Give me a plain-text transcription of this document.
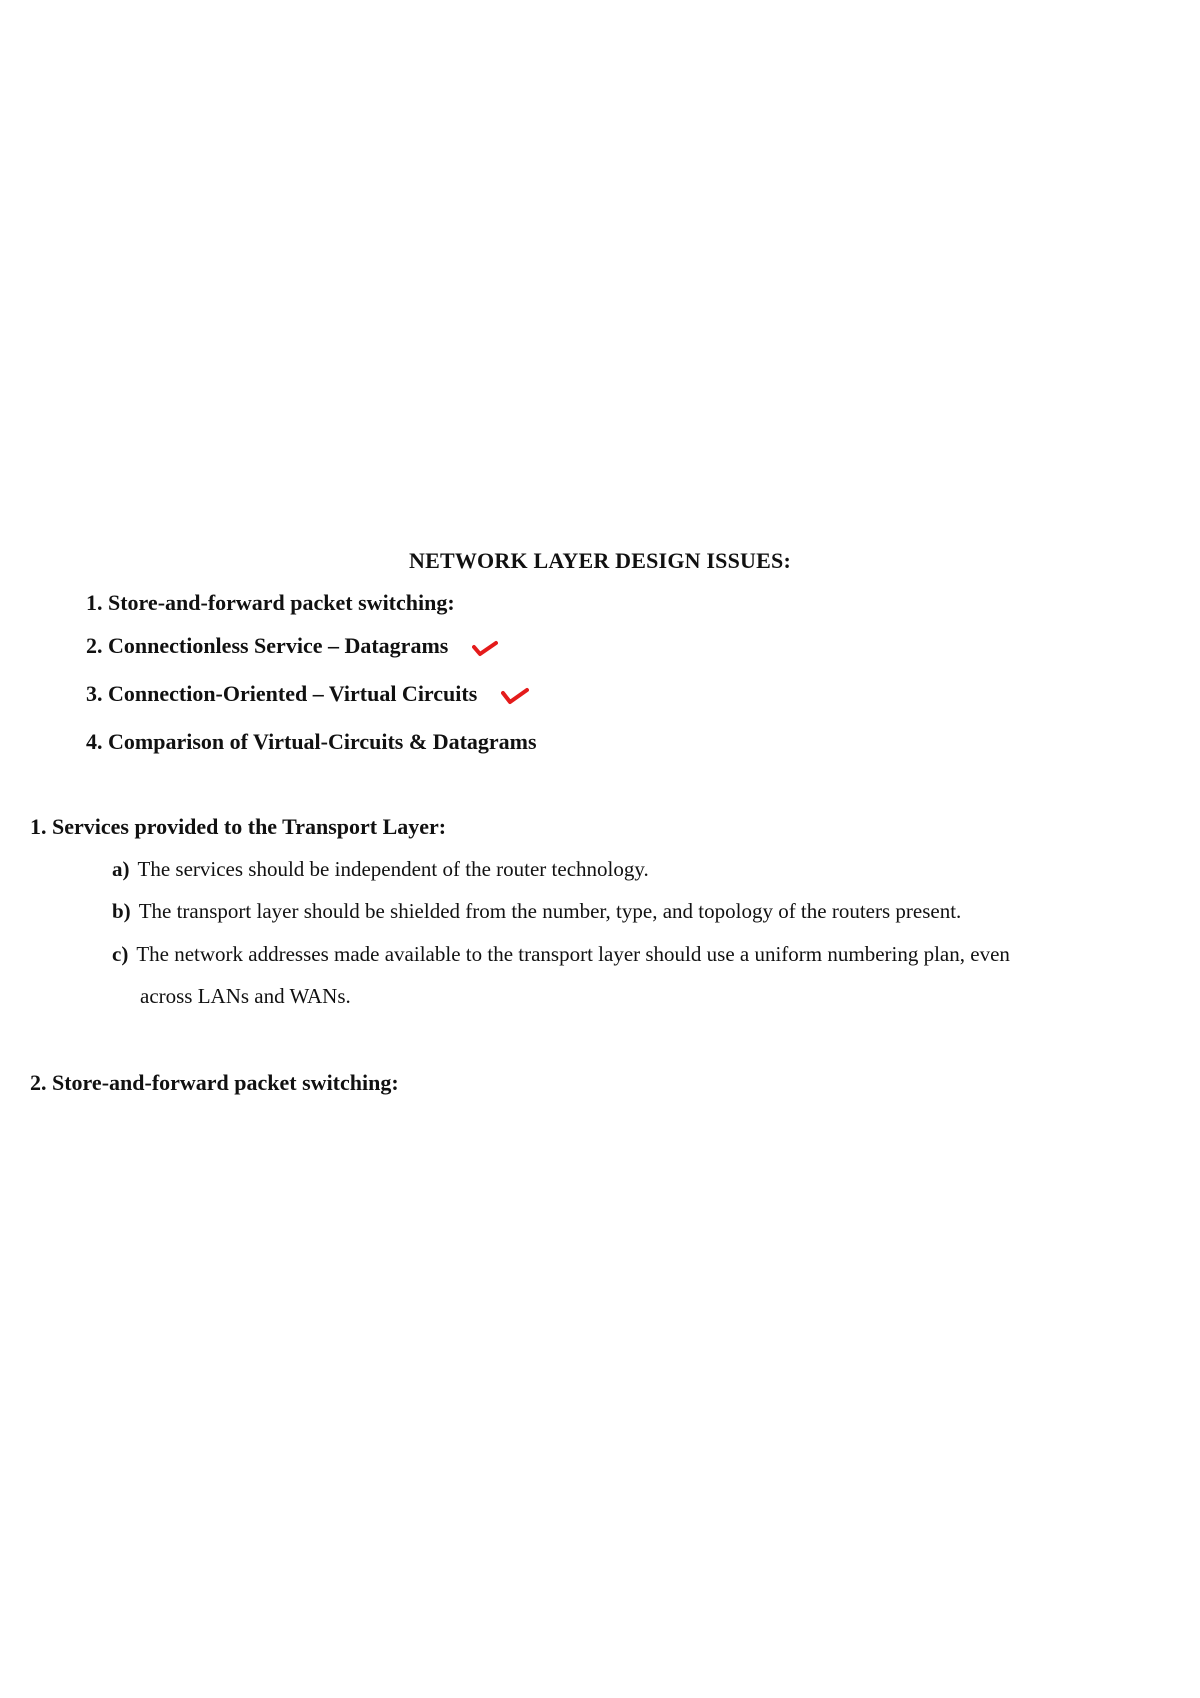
NETWORK LAYER DESIGN ISSUES:
1. Store-and-forward packet switching:
2. Connectionless Service – Datagrams
3. Connection-Oriented – Virtual Circuits
4. Comparison of Virtual-Circuits & Datagrams
1. Services provided to the Transport Layer:
a) The services should be independent of the router technology.
b) The transport layer should be shielded from the number, type, and topology of the routers present.
c) The network addresses made available to the transport layer should use a uniform numbering plan, even
across LANs and WANs.
2. Store-and-forward packet switching:
